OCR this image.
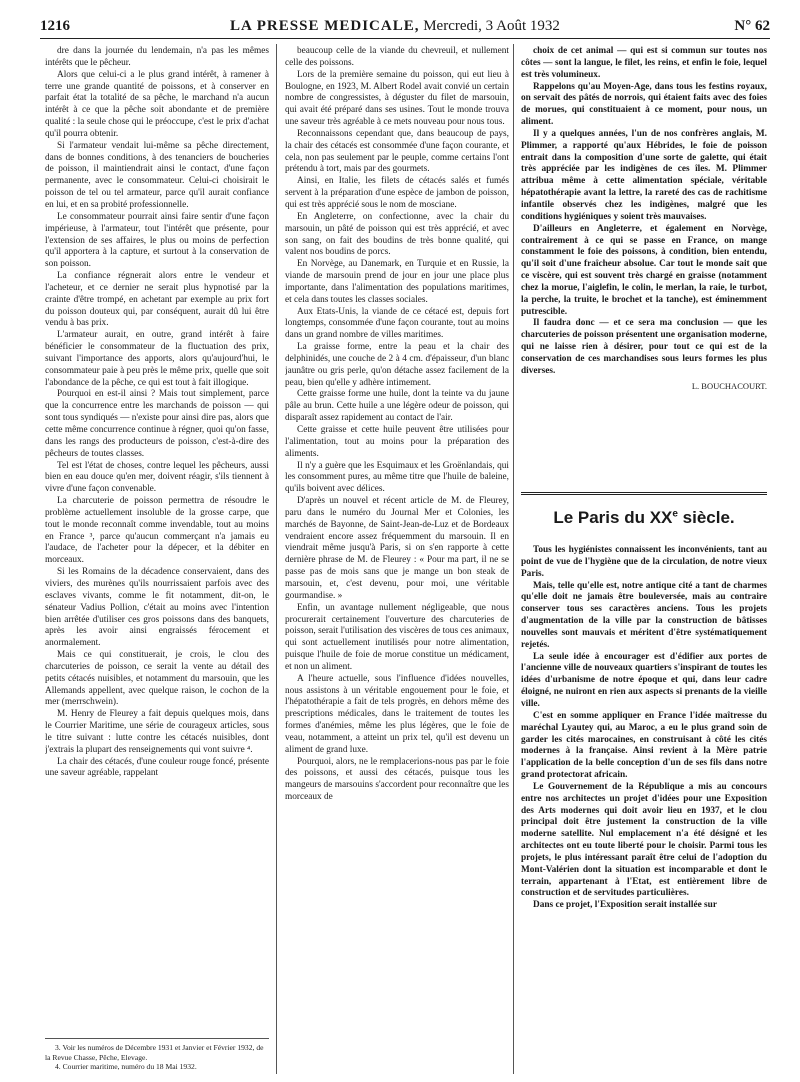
1216	LA PRESSE MEDICALE, Mercredi, 3 Août 1932	N° 62

dre dans la journée du lendemain, n'a pas les mêmes intérêts que le pêcheur.

Alors que celui-ci a le plus grand intérêt, à ramener à terre une grande quantité de poissons, et à conserver en parfait état la totalité de sa pêche, le marchand n'a aucun intérêt à ce que la pêche soit abondante et de première qualité : la seule chose qui le préoccupe, c'est le prix d'achat qu'il pourra obtenir.

Si l'armateur vendait lui-même sa pêche directement, dans de bonnes conditions, à des tenanciers de boucheries de poisson, il maintiendrait ainsi le contact, d'une façon permanente, avec le consommateur. Celui-ci choisirait le poisson de tel ou tel armateur, parce qu'il aurait confiance en lui, et en sa probité professionnelle.

Le consommateur pourrait ainsi faire sentir d'une façon impérieuse, à l'armateur, tout l'intérêt que présente, pour l'extension de ses affaires, le plus ou moins de perfection qu'il apportera à la capture, et surtout à la conservation de son poisson.

La confiance régnerait alors entre le vendeur et l'acheteur, et ce dernier ne serait plus hypnotisé par la crainte d'être trompé, en achetant par exemple au prix fort du poisson douteux qui, par conséquent, aurait dû lui être vendu à bas prix.

L'armateur aurait, en outre, grand intérêt à faire bénéficier le consommateur de la fluctuation des prix, suivant l'importance des apports, alors qu'aujourd'hui, le consommateur paie à peu près le même prix, quelle que soit l'abondance de la pêche, ce qui est tout à fait illogique.

Pourquoi en est-il ainsi ? Mais tout simplement, parce que la concurrence entre les marchands de poisson — qui sont tous syndiqués — n'existe pour ainsi dire pas, alors que cette même concurrence continue à régner, quoi qu'on fasse, dans les rangs des producteurs de poisson, c'est-à-dire des pêcheurs de toutes classes.

Tel est l'état de choses, contre lequel les pêcheurs, aussi bien en eau douce qu'en mer, doivent réagir, s'ils tiennent à vivre d'une façon convenable.

La charcuterie de poisson permettra de résoudre le problème actuellement insoluble de la grosse carpe, que tout le monde reconnaît comme invendable, tout au moins en France ³, parce qu'aucun commerçant n'a jamais eu l'audace, de l'acheter pour la dépecer, et la débiter en morceaux.

Si les Romains de la décadence conservaient, dans des viviers, des murènes qu'ils nourrissaient parfois avec des esclaves vivants, comme le fit notamment, dit-on, le sénateur Vadius Pollion, c'était au moins avec l'intention bien arrêtée d'utiliser ces gros poissons dans des banquets, après les avoir ainsi engraissés férocement et anormalement.

Mais ce qui constituerait, je crois, le clou des charcuteries de poisson, ce serait la vente au détail des petits cétacés nuisibles, et notamment du marsouin, que les Allemands appellent, avec quelque raison, le cochon de la mer (merrschwein).

M. Henry de Fleurey a fait depuis quelques mois, dans le Courrier Maritime, une série de courageux articles, sous le titre suivant : lutte contre les cétacés nuisibles, dont j'extrais la plupart des renseignements qui vont suivre ⁴.

La chair des cétacés, d'une couleur rouge foncé, présente une saveur agréable, rappelant

3. Voir les numéros de Décembre 1931 et Janvier et Février 1932, de la Revue Chasse, Pêche, Elevage.

4. Courrier maritime, numéro du 18 Mai 1932.

beaucoup celle de la viande du chevreuil, et nullement celle des poissons.

Lors de la première semaine du poisson, qui eut lieu à Boulogne, en 1923, M. Albert Rodel avait convié un certain nombre de congressistes, à déguster du filet de marsouin, qui avait été préparé dans ses usines. Tout le monde trouva une saveur très agréable à ce mets nouveau pour nous tous.

Reconnaissons cependant que, dans beaucoup de pays, la chair des cétacés est consommée d'une façon courante, et cela, non pas seulement par le peuple, comme certains l'ont prétendu à tort, mais par des gourmets.

Ainsi, en Italie, les filets de cétacés salés et fumés servent à la préparation d'une espèce de jambon de poisson, qui est très apprécié sous le nom de mosciane.

En Angleterre, on confectionne, avec la chair du marsouin, un pâté de poisson qui est très apprécié, et avec son sang, on fait des boudins de très bonne qualité, qui valent nos boudins de porcs.

En Norvège, au Danemark, en Turquie et en Russie, la viande de marsouin prend de jour en jour une place plus importante, dans l'alimentation des populations maritimes, et cela dans toutes les classes sociales.

Aux Etats-Unis, la viande de ce cétacé est, depuis fort longtemps, consommée d'une façon courante, tout au moins dans un grand nombre de villes maritimes.

La graisse forme, entre la peau et la chair des delphinidés, une couche de 2 à 4 cm. d'épaisseur, d'un blanc jaunâtre ou gris perle, qu'on détache assez facilement de la peau, bien qu'elle y adhère intimement.

Cette graisse forme une huile, dont la teinte va du jaune pâle au brun. Cette huile a une légère odeur de poisson, qui disparaît assez rapidement au contact de l'air.

Cette graisse et cette huile peuvent être utilisées pour l'alimentation, tout au moins pour la préparation des aliments.

Il n'y a guère que les Esquimaux et les Groënlandais, qui les consomment pures, au même titre que l'huile de baleine, qu'ils boivent avec délices.

D'après un nouvel et récent article de M. de Fleurey, paru dans le numéro du Journal Mer et Colonies, les marchés de Bayonne, de Saint-Jean-de-Luz et de Bordeaux vendraient encore assez fréquemment du marsouin. Il en viendrait même jusqu'à Paris, si on s'en rapporte à cette dernière phrase de M. de Fleurey : « Pour ma part, il ne se passe pas de mois sans que je mange un bon steak de marsouin, et, c'est devenu, pour moi, une véritable gourmandise. »

Enfin, un avantage nullement négligeable, que nous procurerait certainement l'ouverture des charcuteries de poisson, serait l'utilisation des viscères de tous ces animaux, qui sont actuellement inutilisés pour notre alimentation, puisque l'huile de foie de morue constitue un médicament, et non un aliment.

A l'heure actuelle, sous l'influence d'idées nouvelles, nous assistons à un véritable engouement pour le foie, et l'hépatothérapie a fait de tels progrès, en dehors même des prescriptions médicales, dans le traitement de toutes les formes d'anémies, même les plus légères, que le foie de veau, notamment, a atteint un prix tel, qu'il est devenu un aliment de grand luxe.

Pourquoi, alors, ne le remplacerions-nous pas par le foie des poissons, et aussi des cétacés, puisque tous les mangeurs de marsouins s'accordent pour reconnaître que les morceaux de

choix de cet animal — qui est si commun sur toutes nos côtes — sont la langue, le filet, les reins, et enfin le foie, lequel est très volumineux.

Rappelons qu'au Moyen-Age, dans tous les festins royaux, on servait des pâtés de norrois, qui étaient faits avec des foies de morues, qui constituaient à ce moment, pour nous, un aliment.

Il y a quelques années, l'un de nos confrères anglais, M. Plimmer, a rapporté qu'aux Hébrides, le foie de poisson entrait dans la composition d'une sorte de galette, qui était très appréciée par les indigènes de ces îles. M. Plimmer attribua même à cette alimentation spéciale, véritable hépatothérapie avant la lettre, la rareté des cas de rachitisme infantile observés chez les indigènes, malgré que les conditions hygiéniques y soient très mauvaises.

D'ailleurs en Angleterre, et également en Norvège, contrairement à ce qui se passe en France, on mange constamment le foie des poissons, à condition, bien entendu, qu'il soit d'une fraîcheur absolue. Car tout le monde sait que ce viscère, qui est souvent très chargé en graisse (notamment chez la morue, l'aiglefin, le colin, le merlan, la raie, le turbot, la perche, la truite, le brochet et la tanche), est éminemment putrescible.

Il faudra donc — et ce sera ma conclusion — que les charcuteries de poisson présentent une organisation moderne, qui ne laisse rien à désirer, pour tout ce qui est de la conservation de ces marchandises sous leurs formes les plus diverses.

L. BOUCHACOURT.

Le Paris du XXe siècle.

Tous les hygiénistes connaissent les inconvénients, tant au point de vue de l'hygiène que de la circulation, de notre vieux Paris.

Mais, telle qu'elle est, notre antique cité a tant de charmes qu'elle doit ne jamais être bouleversée, mais au contraire conserver tous ses caractères anciens. Tous les projets d'augmentation de la ville par la construction de bâtisses nouvelles sont mauvais et méritent d'être systématiquement rejetés.

La seule idée à encourager est d'édifier aux portes de l'ancienne ville de nouveaux quartiers s'inspirant de toutes les idées d'urbanisme de notre époque et qui, dans leur cadre éloigné, ne nuiront en rien aux aspects si prenants de la vieille ville.

C'est en somme appliquer en France l'idée maîtresse du maréchal Lyautey qui, au Maroc, a eu le plus grand soin de garder les cités marocaines, en construisant à côté les cités modernes à la française. Ainsi revient à la Mère patrie l'application de la belle conception d'un de ses fils dans notre grand protectorat africain.

Le Gouvernement de la République a mis au concours entre nos architectes un projet d'idées pour une Exposition des Arts modernes qui doit avoir lieu en 1937, et le clou principal doit être justement la construction de la ville moderne satellite. Nul emplacement n'a été désigné et les architectes ont eu toute liberté pour le choisir. Parmi tous les projets, le plus intéressant paraît être celui de l'adoption du Mont-Valérien dont la situation est incomparable et dont le terrain, appartenant à l'Etat, est entièrement libre de construction et de servitudes particulières.

Dans ce projet, l'Exposition serait installée sur
